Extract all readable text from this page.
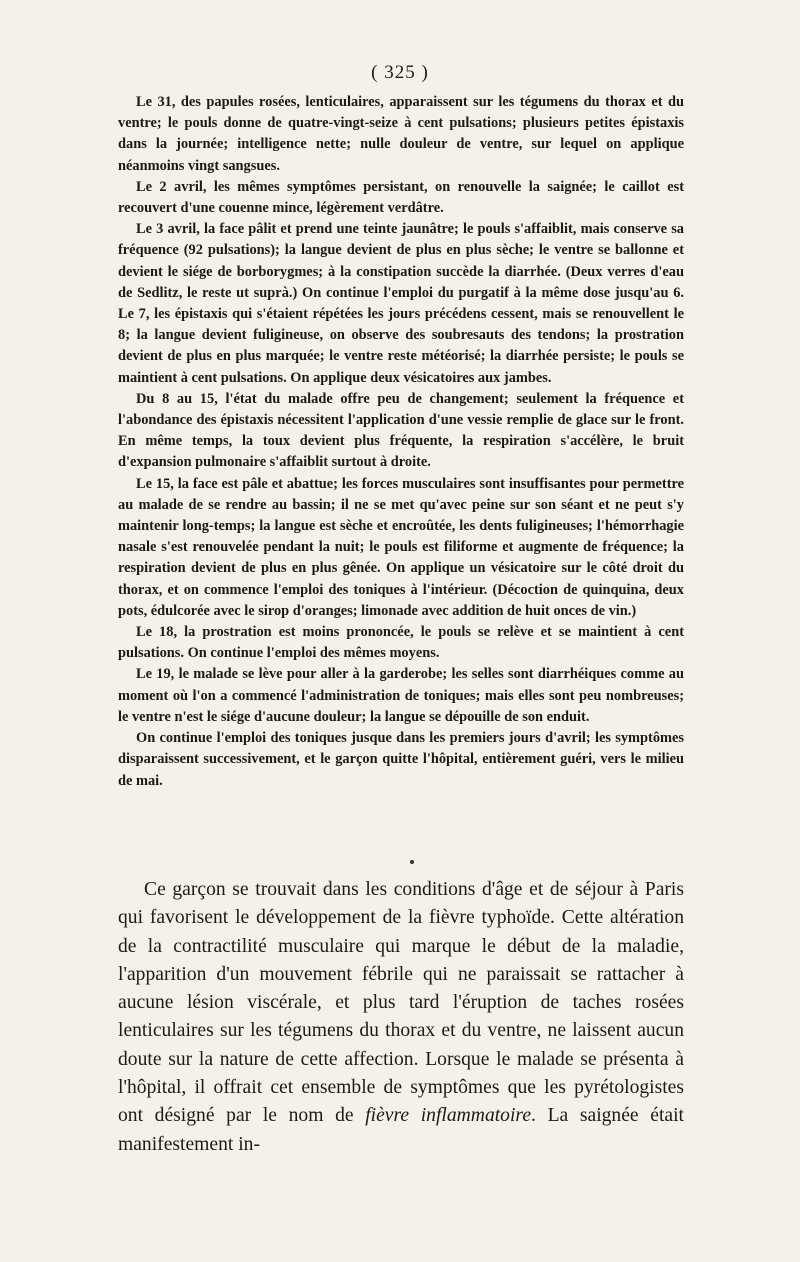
( 325 )

Le 31, des papules rosées, lenticulaires, apparaissent sur les tégumens du thorax et du ventre; le pouls donne de quatre-vingt-seize à cent pulsations; plusieurs petites épistaxis dans la journée; intelligence nette; nulle douleur de ventre, sur lequel on applique néanmoins vingt sangsues.

Le 2 avril, les mêmes symptômes persistant, on renouvelle la saignée; le caillot est recouvert d'une couenne mince, légèrement verdâtre.

Le 3 avril, la face pâlit et prend une teinte jaunâtre; le pouls s'affaiblit, mais conserve sa fréquence (92 pulsations); la langue devient de plus en plus sèche; le ventre se ballonne et devient le siége de borborygmes; à la constipation succède la diarrhée. (Deux verres d'eau de Sedlitz, le reste ut suprà.) On continue l'emploi du purgatif à la même dose jusqu'au 6. Le 7, les épistaxis qui s'étaient répétées les jours précédens cessent, mais se renouvellent le 8; la langue devient fuligineuse, on observe des soubresauts des tendons; la prostration devient de plus en plus marquée; le ventre reste météorisé; la diarrhée persiste; le pouls se maintient à cent pulsations. On applique deux vésicatoires aux jambes.

Du 8 au 15, l'état du malade offre peu de changement; seulement la fréquence et l'abondance des épistaxis nécessitent l'application d'une vessie remplie de glace sur le front. En même temps, la toux devient plus fréquente, la respiration s'accélère, le bruit d'expansion pulmonaire s'affaiblit surtout à droite.

Le 15, la face est pâle et abattue; les forces musculaires sont insuffisantes pour permettre au malade de se rendre au bassin; il ne se met qu'avec peine sur son séant et ne peut s'y maintenir long-temps; la langue est sèche et encroûtée, les dents fuligineuses; l'hémorrhagie nasale s'est renouvelée pendant la nuit; le pouls est filiforme et augmente de fréquence; la respiration devient de plus en plus gênée. On applique un vésicatoire sur le côté droit du thorax, et on commence l'emploi des toniques à l'intérieur. (Décoction de quinquina, deux pots, édulcorée avec le sirop d'oranges; limonade avec addition de huit onces de vin.)

Le 18, la prostration est moins prononcée, le pouls se relève et se maintient à cent pulsations. On continue l'emploi des mêmes moyens.

Le 19, le malade se lève pour aller à la garderobe; les selles sont diarrhéiques comme au moment où l'on a commencé l'administration de toniques; mais elles sont peu nombreuses; le ventre n'est le siége d'aucune douleur; la langue se dépouille de son enduit.

On continue l'emploi des toniques jusque dans les premiers jours d'avril; les symptômes disparaissent successivement, et le garçon quitte l'hôpital, entièrement guéri, vers le milieu de mai.

Ce garçon se trouvait dans les conditions d'âge et de séjour à Paris qui favorisent le développement de la fièvre typhoïde. Cette altération de la contractilité musculaire qui marque le début de la maladie, l'apparition d'un mouvement fébrile qui ne paraissait se rattacher à aucune lésion viscérale, et plus tard l'éruption de taches rosées lenticulaires sur les tégumens du thorax et du ventre, ne laissent aucun doute sur la nature de cette affection. Lorsque le malade se présenta à l'hôpital, il offrait cet ensemble de symptômes que les pyrétologistes ont désigné par le nom de fièvre inflammatoire. La saignée était manifestement in-
